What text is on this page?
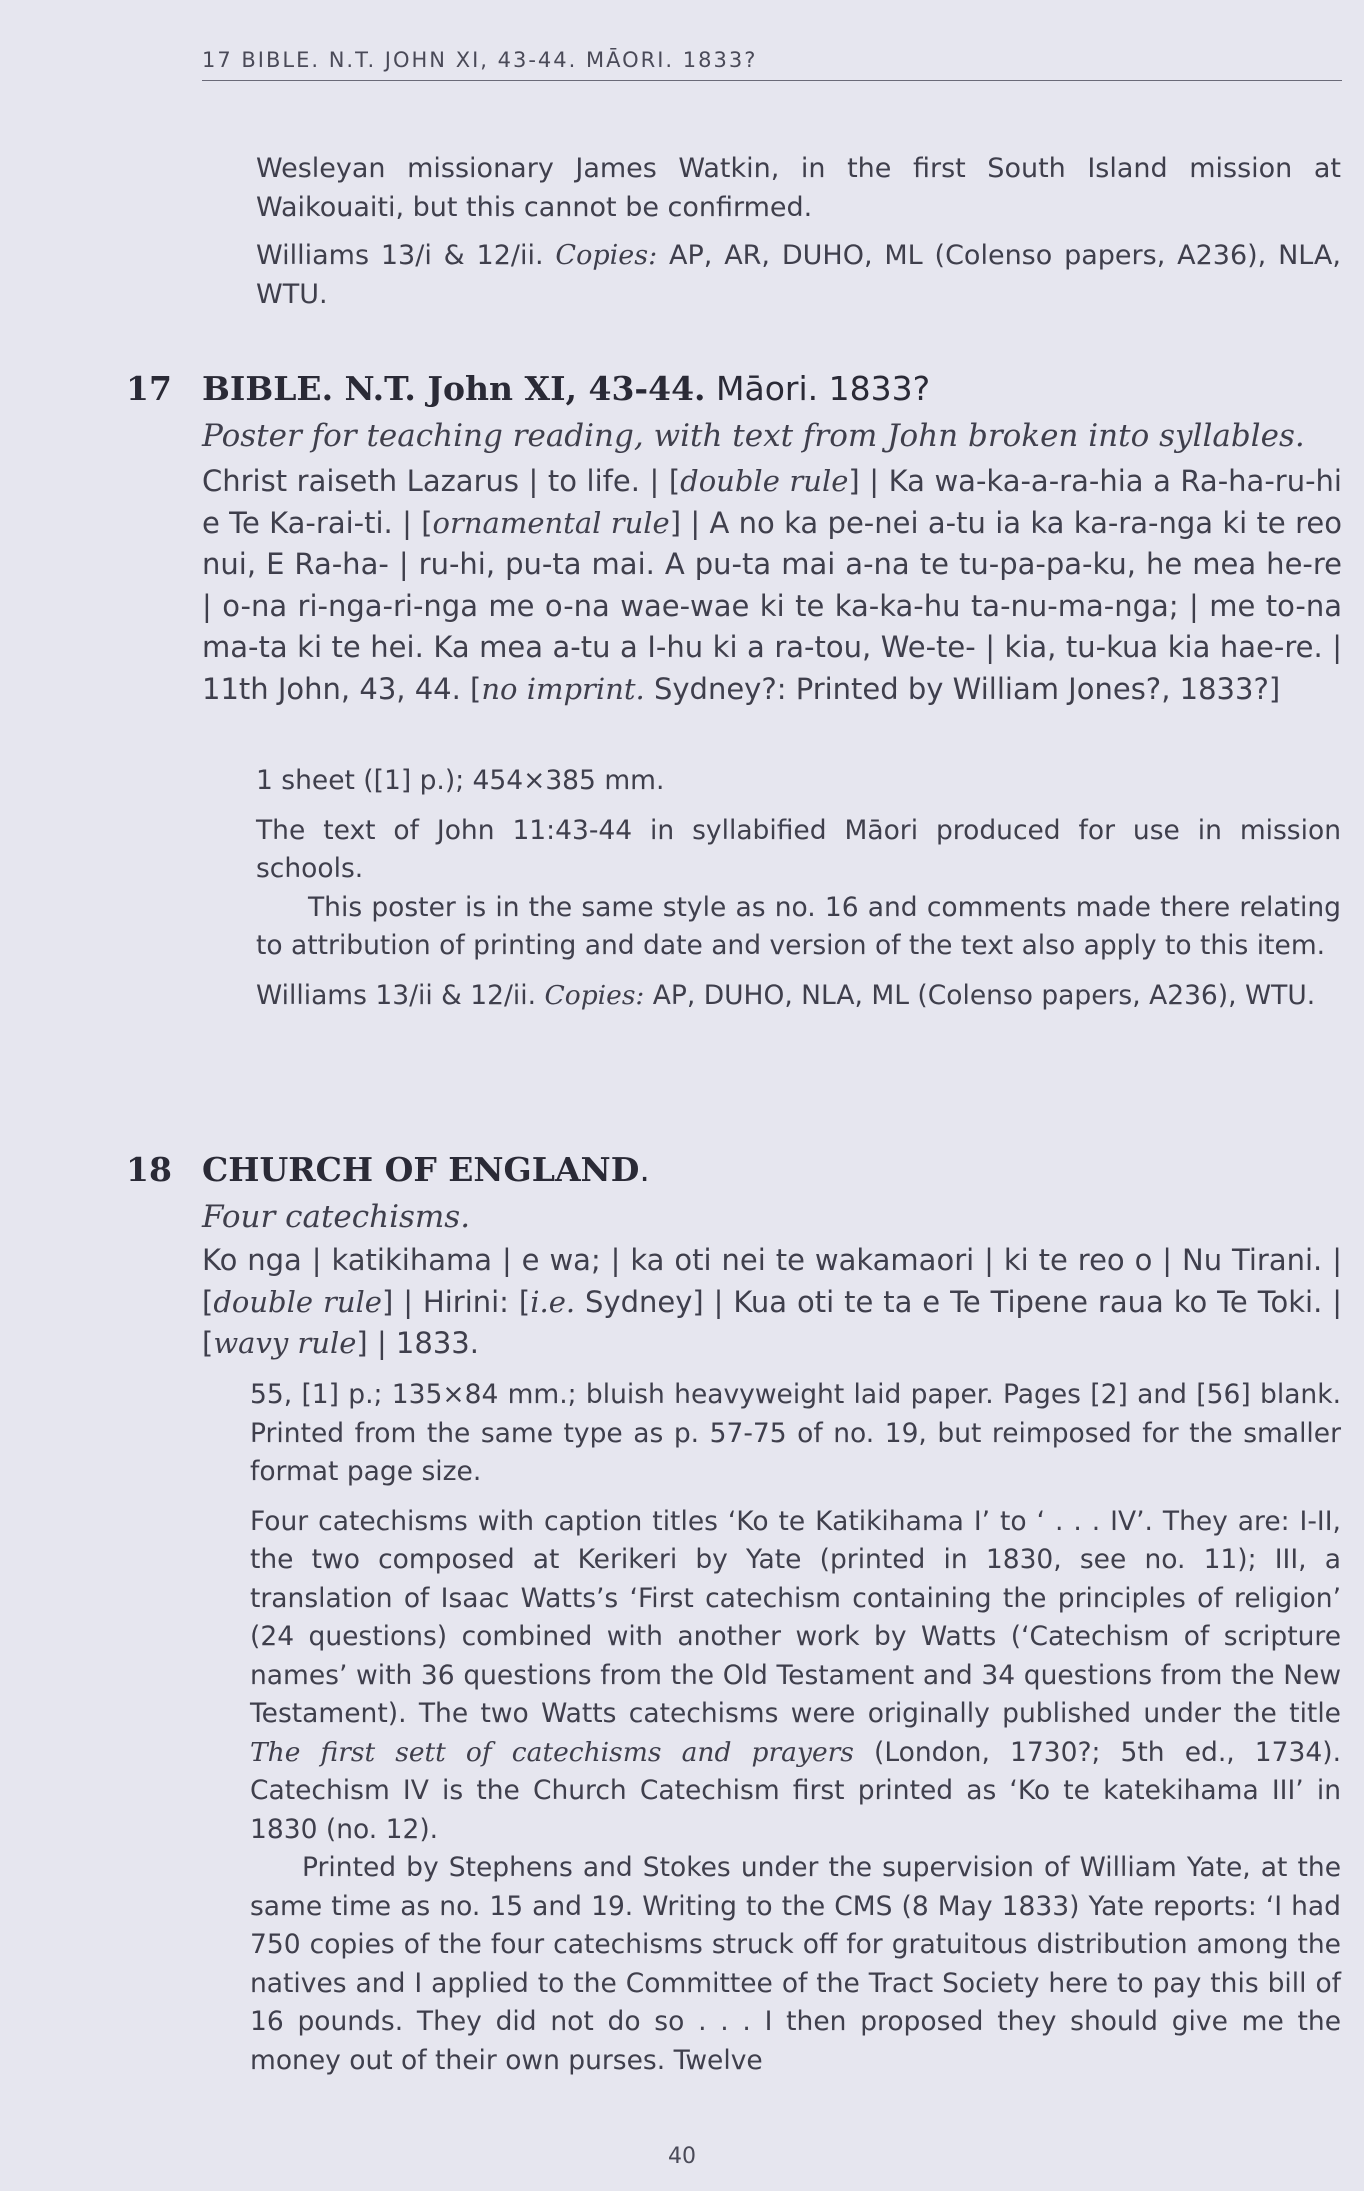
17 BIBLE. N.T. JOHN XI, 43-44. MĀORI. 1833?

Wesleyan missionary James Watkin, in the first South Island mission at Waikouaiti, but this cannot be confirmed.

Williams 13/i & 12/ii. Copies: AP, AR, DUHO, ML (Colenso papers, A236), NLA, WTU.

17 BIBLE. N.T. John XI, 43-44. Māori. 1833?
Poster for teaching reading, with text from John broken into syllables.
Christ raiseth Lazarus | to life. | [double rule] | Ka wa-ka-a-ra-hia a Ra-ha-ru-hi e Te Ka-rai-ti. | [ornamental rule] | A no ka pe-nei a-tu ia ka ka-ra-nga ki te reo nui, E Ra-ha- | ru-hi, pu-ta mai. A pu-ta mai a-na te tu-pa-pa-ku, he mea he-re | o-na ri-nga-ri-nga me o-na wae-wae ki te ka-ka-hu ta-nu-ma-nga; | me to-na ma-ta ki te hei. Ka mea a-tu a I-hu ki a ra-tou, We-te- | kia, tu-kua kia hae-re. | 11th John, 43, 44. [no imprint. Sydney?: Printed by William Jones?, 1833?]

1 sheet ([1] p.); 454×385 mm.

The text of John 11:43-44 in syllabified Māori produced for use in mission schools.

This poster is in the same style as no. 16 and comments made there relating to attribution of printing and date and version of the text also apply to this item.

Williams 13/ii & 12/ii. Copies: AP, DUHO, NLA, ML (Colenso papers, A236), WTU.

18 CHURCH OF ENGLAND.
Four catechisms.
Ko nga | katikihama | e wa; | ka oti nei te wakamaori | ki te reo o | Nu Tirani. | [double rule] | Hirini: [i.e. Sydney] | Kua oti te ta e Te Tipene raua ko Te Toki. | [wavy rule] | 1833.

55, [1] p.; 135×84 mm.; bluish heavyweight laid paper. Pages [2] and [56] blank. Printed from the same type as p. 57-75 of no. 19, but reimposed for the smaller format page size.

Four catechisms with caption titles ‘Ko te Katikihama I’ to ‘ . . . IV’. They are: I-II, the two composed at Kerikeri by Yate (printed in 1830, see no. 11); III, a translation of Isaac Watts’s ‘First catechism containing the principles of religion’ (24 questions) combined with another work by Watts (‘Catechism of scripture names’ with 36 questions from the Old Testament and 34 questions from the New Testament). The two Watts catechisms were originally published under the title The first sett of catechisms and prayers (London, 1730?; 5th ed., 1734). Catechism IV is the Church Catechism first printed as ‘Ko te katekihama III’ in 1830 (no. 12).

Printed by Stephens and Stokes under the supervision of William Yate, at the same time as no. 15 and 19. Writing to the CMS (8 May 1833) Yate reports: ‘I had 750 copies of the four catechisms struck off for gratuitous distribution among the natives and I applied to the Committee of the Tract Society here to pay this bill of 16 pounds. They did not do so . . . I then proposed they should give me the money out of their own purses. Twelve

40
